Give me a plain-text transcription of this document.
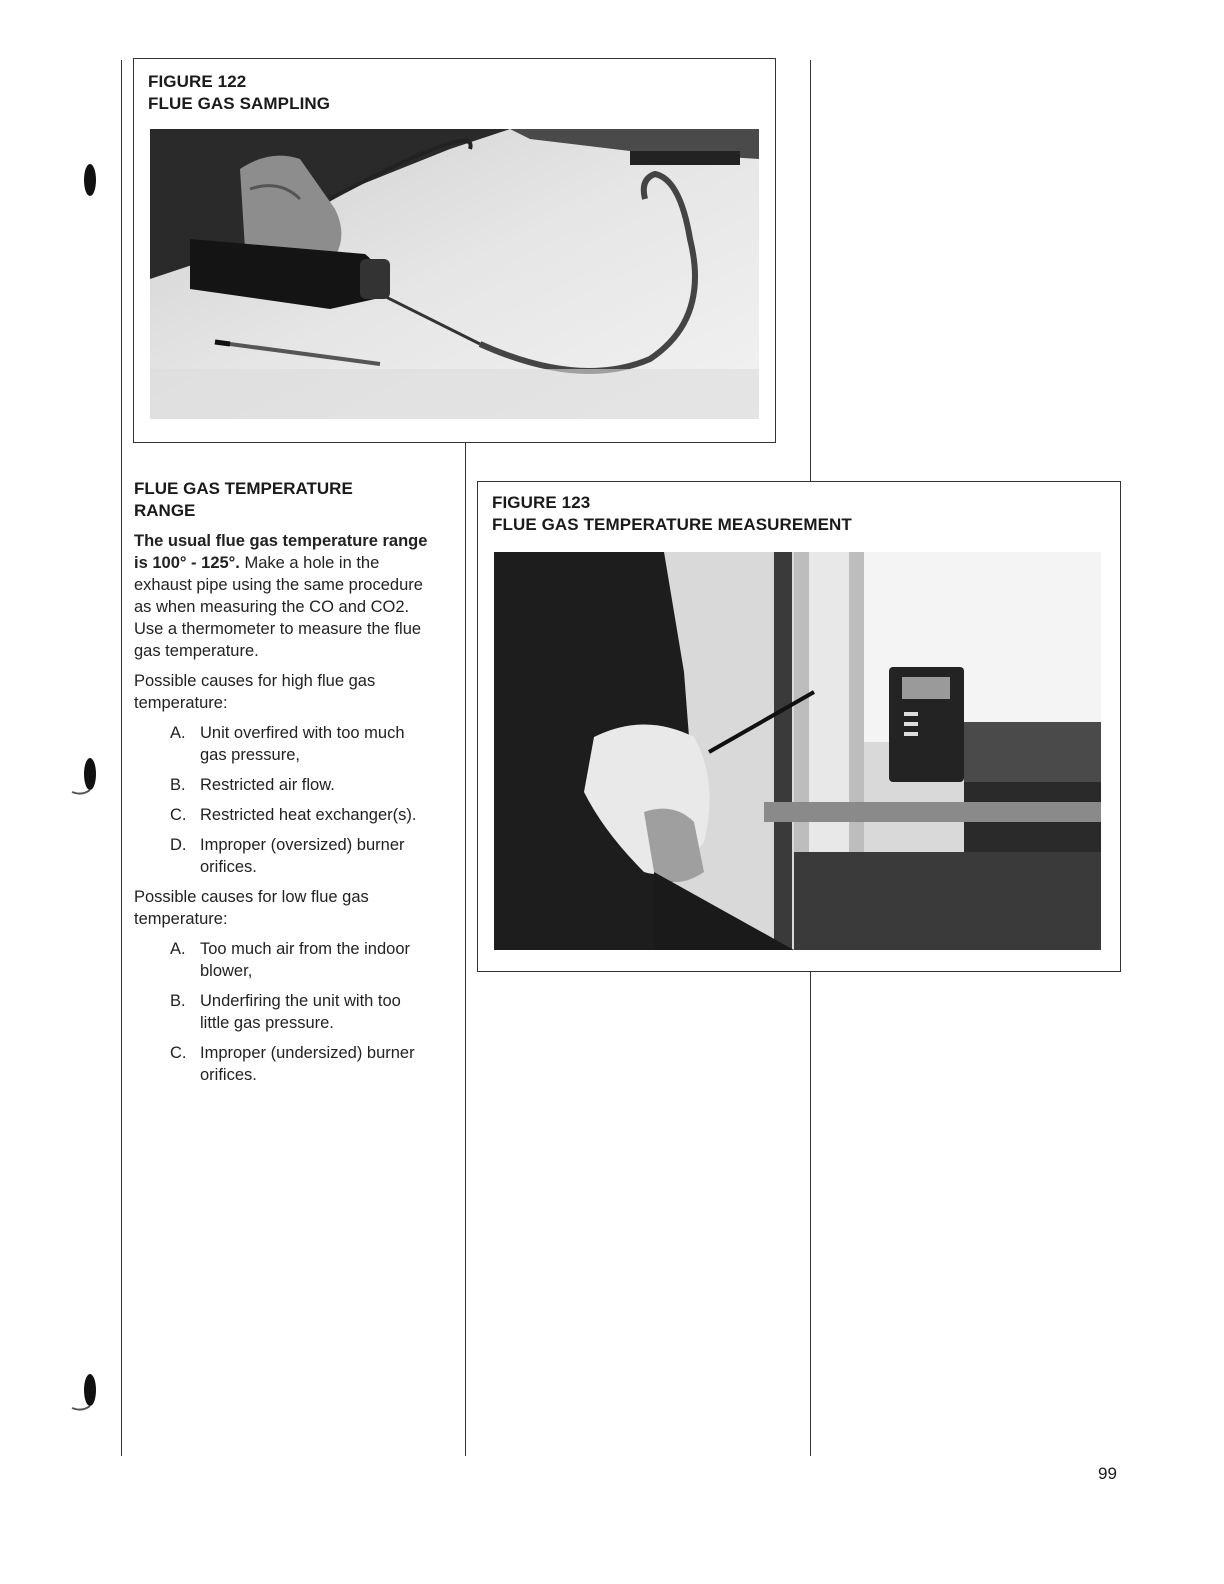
FIGURE 122
FLUE GAS SAMPLING
FIGURE 123
FLUE GAS TEMPERATURE MEASUREMENT
FLUE GAS TEMPERATURE
RANGE

The usual flue gas temperature range is 100° - 125°. Make a hole in the exhaust pipe using the same procedure as when measuring the CO and CO2. Use a thermometer to measure the flue gas temperature.

Possible causes for high flue gas temperature:

A. Unit overfired with too much gas pressure,
B. Restricted air flow.
C. Restricted heat exchanger(s).
D. Improper (oversized) burner orifices.

Possible causes for low flue gas temperature:

A. Too much air from the indoor blower,
B. Underfiring the unit with too little gas pressure.
C. Improper (undersized) burner orifices.
99
